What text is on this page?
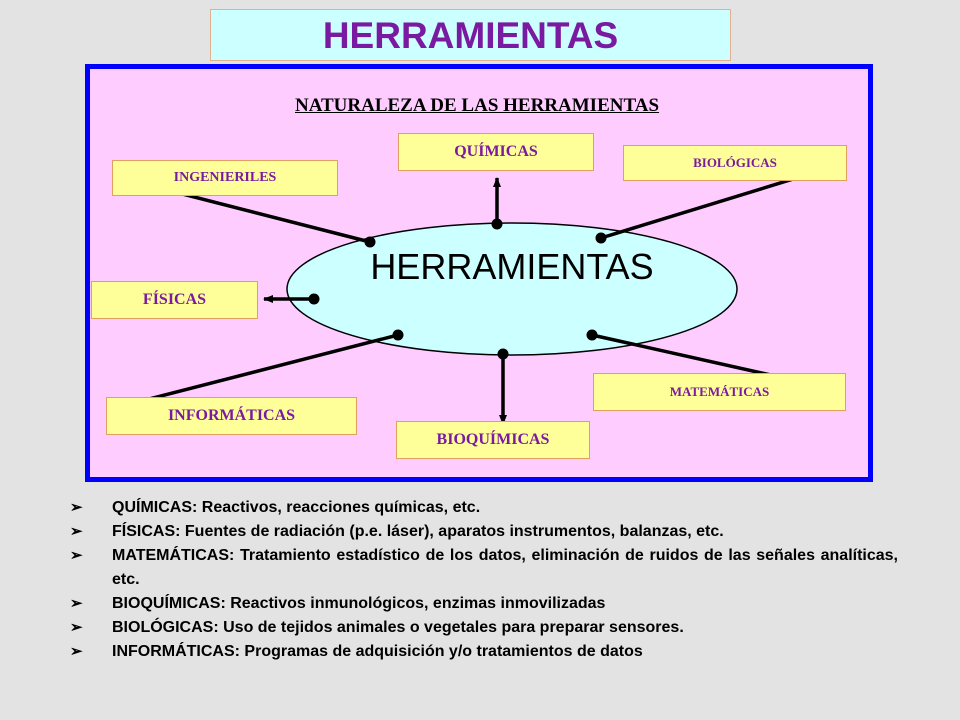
HERRAMIENTAS
NATURALEZA DE LAS HERRAMIENTAS
HERRAMIENTAS
QUÍMICAS
INGENIERILES
BIOLÓGICAS
FÍSICAS
MATEMÁTICAS
INFORMÁTICAS
BIOQUÍMICAS
➢ QUÍMICAS: Reactivos, reacciones químicas, etc.
➢ FÍSICAS: Fuentes de radiación (p.e. láser), aparatos instrumentos, balanzas, etc.
➢ MATEMÁTICAS: Tratamiento estadístico de los datos, eliminación de ruidos de las señales analíticas, etc.
➢ BIOQUÍMICAS: Reactivos inmunológicos, enzimas inmovilizadas
➢ BIOLÓGICAS: Uso de tejidos animales o vegetales para preparar sensores.
➢ INFORMÁTICAS: Programas de adquisición y/o tratamientos de datos
